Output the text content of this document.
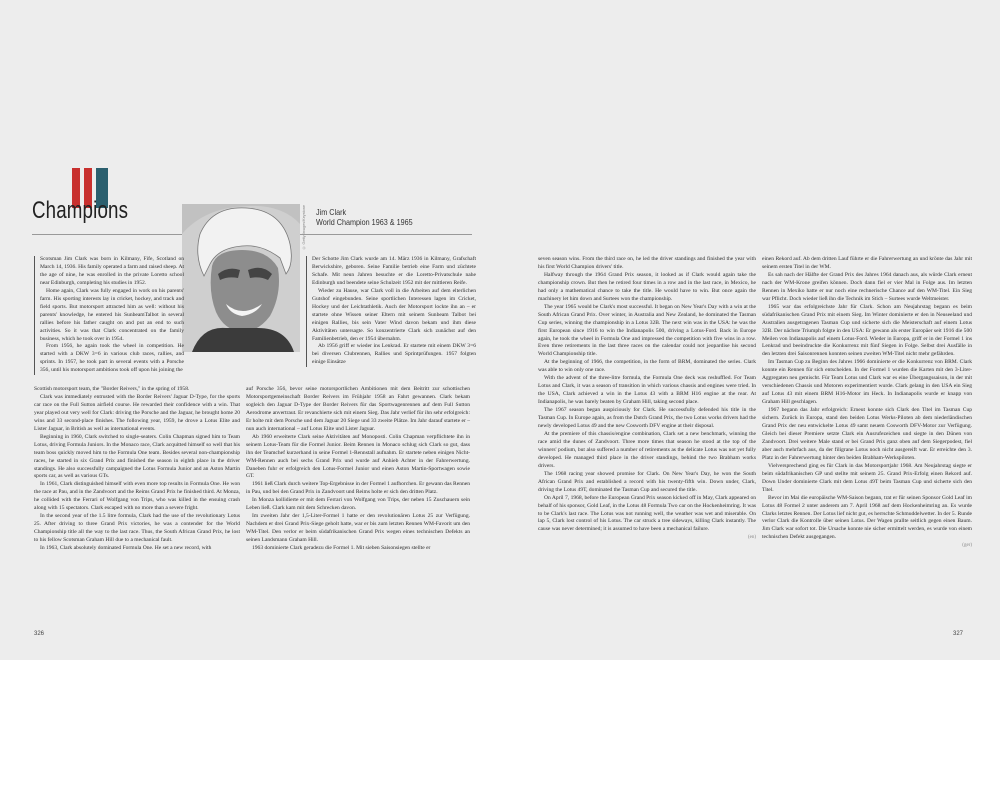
Champions	© Getty Images/Keystone Jim Clark
World Champion 1963 & 1965

Scotsman Jim Clark was born in Kilmany, Fife, Scotland on March 14, 1936. His family operated a farm and raised sheep. At the age of nine, he was enrolled in the private Loretto school near Edinburgh, completing his studies in 1952.

Home again, Clark was fully engaged in work on his parents' farm. His sporting interests lay in cricket, hockey, and track and field sports. But motorsport attracted him as well: without his parents' knowledge, he entered his SunbeamTalbot in several rallies before his father caught on and put an end to such activities. So it was that Clark concentrated on the family business, which he took over in 1954.

From 1956, he again took the wheel in competition. He started with a DKW 3=6 in various club races, rallies, and sprints. In 1957, he took part in several events with a Porsche 356, until his motorsport ambitions took off upon his joining the

Scottish motorsport team, the "Border Reivers," in the spring of 1958.

Clark was immediately entrusted with the Border Reivers' Jaguar D-Type, for the sports car race on the Full Sutton airfield course. He rewarded their confidence with a win. That year played out very well for Clark: driving the Porsche and the Jaguar, he brought home 20 wins and 33 second-place finishes. The following year, 1959, he drove a Lotus Elite and Lister Jaguar, in British as well as international events.

Beginning in 1960, Clark switched to single-seaters. Colin Chapman signed him to Team Lotus, driving Formula Juniors. In the Monaco race, Clark acquitted himself so well that his team boss quickly moved him to the Formula One team. Besides several non-championship races, he started in six Grand Prix and finished the season in eighth place in the driver standings. He also successfully campaigned the Lotus Formula Junior and an Aston Martin sports car, as well as various GTs.

In 1961, Clark distinguished himself with even more top results in Formula One. He won the race at Pau, and in the Zandvoort and the Reims Grand Prix he finished third. At Monza, he collided with the Ferrari of Wolfgang von Trips, who was killed in the ensuing crash along with 15 spectators. Clark escaped with no more than a severe fright.

In the second year of the 1.5 litre formula, Clark had the use of the revolutionary Lotus 25. After driving to three Grand Prix victories, he was a contender for the World Championship title all the way to the last race. Thus, the South African Grand Prix, he lost to his fellow Scotsman Graham Hill due to a mechanical fault.

In 1963, Clark absolutely dominated Formula One. He set a new record, with

Der Schotte Jim Clark wurde am 14. März 1936 in Kilmany, Grafschaft Berwickshire, geboren. Seine Familie betrieb eine Farm und züchtete Schafe. Mit neun Jahren besuchte er die Loretto-Privatschule nahe Edinburgh und beendete seine Schulzeit 1952 mit der mittleren Reife.

Wieder zu Hause, war Clark voll in die Arbeiten auf dem elterlichen Gutshof eingebunden. Seine sportlichen Interessen lagen im Cricket, Hockey und der Leichtathletik. Auch der Motorsport lockte ihn an – er startete ohne Wissen seiner Eltern mit seinem Sunbeam Talbot bei einigen Rallies, bis sein Vater Wind davon bekam und ihm diese Aktivitäten untersagte. So konzentrierte Clark sich zunächst auf den Familienbetrieb, den er 1954 übernahm.

Ab 1956 griff er wieder ins Lenkrad. Er startete mit einem DKW 3=6 bei diversen Clubrennen, Rallies und Sprintprüfungen. 1957 folgten einige Einsätze

auf Porsche 356, bevor seine motorsportlichen Ambitionen mit dem Beitritt zur schottischen Motorsportgemeinschaft Border Reivers im Frühjahr 1958 an Fahrt gewannen. Clark bekam sogleich den Jaguar D-Type der Border Reivers für das Sportwagenrennen auf dem Full Sutton Aerodrome anvertraut. Er revanchierte sich mit einem Sieg. Das Jahr verlief für ihn sehr erfolgreich: Er holte mit dem Porsche und dem Jaguar 20 Siege und 33 zweite Plätze. Im Jahr darauf startete er – nun auch international – auf Lotus Elite und Lister Jaguar.

Ab 1960 erweiterte Clark seine Aktivitäten auf Monoposti. Colin Chapman verpflichtete ihn in seinem Lotus-Team für die Formel Junior. Beim Rennen in Monaco schlug sich Clark so gut, dass ihn der Teamchef kurzerhand in seine Formel 1-Rennstall aufnahm. Er startete neben einigen Nicht-WM-Rennen auch bei sechs Grand Prix und wurde auf Anhieb Achter in der Fahrerwertung. Daneben fuhr er erfolgreich den Lotus-Formel Junior und einen Aston Martin-Sportwagen sowie GT.

1961 ließ Clark durch weitere Top-Ergebnisse in der Formel 1 aufhorchen. Er gewann das Rennen in Pau, und bei den Grand Prix in Zandvoort und Reims holte er sich den dritten Platz.

In Monza kollidierte er mit dem Ferrari von Wolfgang von Trips, der neben 15 Zuschauern sein Leben ließ. Clark kam mit dem Schrecken davon.

Im zweiten Jahr der 1,5-Liter-Formel 1 hatte er den revolutionären Lotus 25 zur Verfügung. Nachdem er drei Grand Prix-Siege geholt hatte, war er bis zum letzten Rennen WM-Favorit um den WM-Titel. Den verlor er beim südafrikanischen Grand Prix wegen eines technischen Defekts an seinen Landsmann Graham Hill.

1963 dominierte Clark geradezu die Formel 1. Mit sieben Saisonsiegen stellte er

326	327

seven season wins. From the third race on, he led the driver standings and finished the year with his first World Champion drivers' title.

Halfway through the 1964 Grand Prix season, it looked as if Clark would again take the championship crown. But then he retired four times in a row and in the last race, in Mexico, he had only a mathematical chance to take the title. He would have to win. But once again the machinery let him down and Surtees won the championship.

The year 1965 would be Clark's most successful. It began on New Year's Day with a win at the South African Grand Prix. Over winter, in Australia and New Zealand, he dominated the Tasman Cup series, winning the championship in a Lotus 32B. The next win was in the USA: he was the first European since 1916 to win the Indianapolis 500, driving a Lotus-Ford. Back in Europe again, he took the wheel in Formula One and impressed the competition with five wins in a row. Even three retirements in the last three races on the calendar could not jeopardise his second World Championship title.

At the beginning of 1966, the competition, in the form of BRM, dominated the series. Clark was able to win only one race.

With the advent of the three-litre formula, the Formula One deck was reshuffled. For Team Lotus and Clark, it was a season of transition in which various chassis and engines were tried. In the USA, Clark achieved a win in the Lotus 43 with a BRM H16 engine at the rear. At Indianapolis, he was barely beaten by Graham Hill, taking second place.

The 1967 season began auspiciously for Clark. He successfully defended his title in the Tasman Cup. In Europe again, as from the Dutch Grand Prix, the two Lotus works drivers had the newly developed Lotus 49 and the new Cosworth DFV engine at their disposal.

At the premiere of this chassis/engine combination, Clark set a new benchmark, winning the race amid the dunes of Zandvoort. Three more times that season he stood at the top of the winners' podium, but also suffered a number of retirements as the delicate Lotus was not yet fully developed. He managed third place in the driver standings, behind the two Brabham works drivers.

The 1968 racing year showed promise for Clark. On New Year's Day, he won the South African Grand Prix and established a record with his twenty-fifth win. Down under, Clark, driving the Lotus 49T, dominated the Tasman Cup and secured the title.

On April 7, 1968, before the European Grand Prix season kicked off in May, Clark appeared on behalf of his sponsor, Gold Leaf, in the Lotus 48 Formula Two car on the Hockenheimring. It was to be Clark's last race. The Lotus was not running well, the weather was wet and miserable. On lap 5, Clark lost control of his Lotus. The car struck a tree sideways, killing Clark instantly. The cause was never determined; it is assumed to have been a mechanical failure.

(en)

einen Rekord auf. Ab dem dritten Lauf führte er die Fahrerwertung an und krönte das Jahr mit seinem ersten Titel in der WM.

Es sah nach der Hälfte der Grand Prix des Jahres 1964 danach aus, als würde Clark erneut nach der WM-Krone greifen können. Doch dann fiel er vier Mal in Folge aus. Im letzten Rennen in Mexiko hatte er nur noch eine rechnerische Chance auf den WM-Titel. Ein Sieg war Pflicht. Doch wieder ließ ihn die Technik im Stich – Surtees wurde Weltmeister.

1965 war das erfolgreichste Jahr für Clark. Schon am Neujahrstag begann es beim südafrikanischen Grand Prix mit einem Sieg. Im Winter dominierte er den in Neuseeland und Australien ausgetragenen Tasman Cup und sicherte sich die Meisterschaft auf einem Lotus 32B. Der nächste Triumph folgte in den USA: Er gewann als erster Europäer seit 1916 die 500 Meilen von Indianapolis auf einem Lotus-Ford. Wieder in Europa, griff er in der Formel 1 ins Lenkrad und beeindruckte die Konkurrenz mit fünf Siegen in Folge. Selbst drei Ausfälle in den letzten drei Saisonrennen konnten seinen zweiten WM-Titel nicht mehr gefährden.

Im Tasman Cup zu Beginn des Jahres 1966 dominierte er die Konkurrenz von BRM. Clark konnte ein Rennen für sich entscheiden. In der Formel 1 wurden die Karten mit den 3-Liter-Aggregaten neu gemischt. Für Team Lotus und Clark war es eine Übergangssaison, in der mit verschiedenen Chassis und Motoren experimentiert wurde. Clark gelang in den USA ein Sieg auf Lotus 43 mit einem BRM H16-Motor im Heck. In Indianapolis wurde er knapp von Graham Hill geschlagen.

1967 begann das Jahr erfolgreich: Erneut konnte sich Clark den Titel im Tasman Cup sichern. Zurück in Europa, stand den beiden Lotus Werks-Piloten ab dem niederländischen Grand Prix der neu entwickelte Lotus 49 samt neuem Cosworth DFV-Motor zur Verfügung. Gleich bei dieser Premiere setzte Clark ein Ausrufezeichen und siegte in den Dünen von Zandvoort. Drei weitere Male stand er bei Grand Prix ganz oben auf dem Siegerpodest, fiel aber auch mehrfach aus, da der filigrane Lotus noch nicht ausgereift war. Er erreichte den 3. Platz in der Fahrerwertung hinter den beiden Brabham-Werkspiloten.

Vielversprechend ging es für Clark in das Motorsportjahr 1968. Am Neujahrstag siegte er beim südafrikanischen GP und stellte mit seinem 25. Grand Prix-Erfolg einen Rekord auf. Down Under dominierte Clark mit dem Lotus 49T beim Tasman Cup und sicherte sich den Titel.

Bevor im Mai die europäische WM-Saison begann, trat er für seinen Sponsor Gold Leaf im Lotus 48 Formel 2 unter anderem am 7. April 1968 auf dem Hockenheimring an. Es wurde Clarks letztes Rennen. Der Lotus lief nicht gut, es herrschte Schmuddelwetter. In der 5. Runde verlor Clark die Kontrolle über seinen Lotus. Der Wagen prallte seitlich gegen einen Baum. Jim Clark war sofort tot. Die Ursache konnte nie sicher ermittelt werden, es wurde von einem technischen Defekt ausgegangen.

(ger)
